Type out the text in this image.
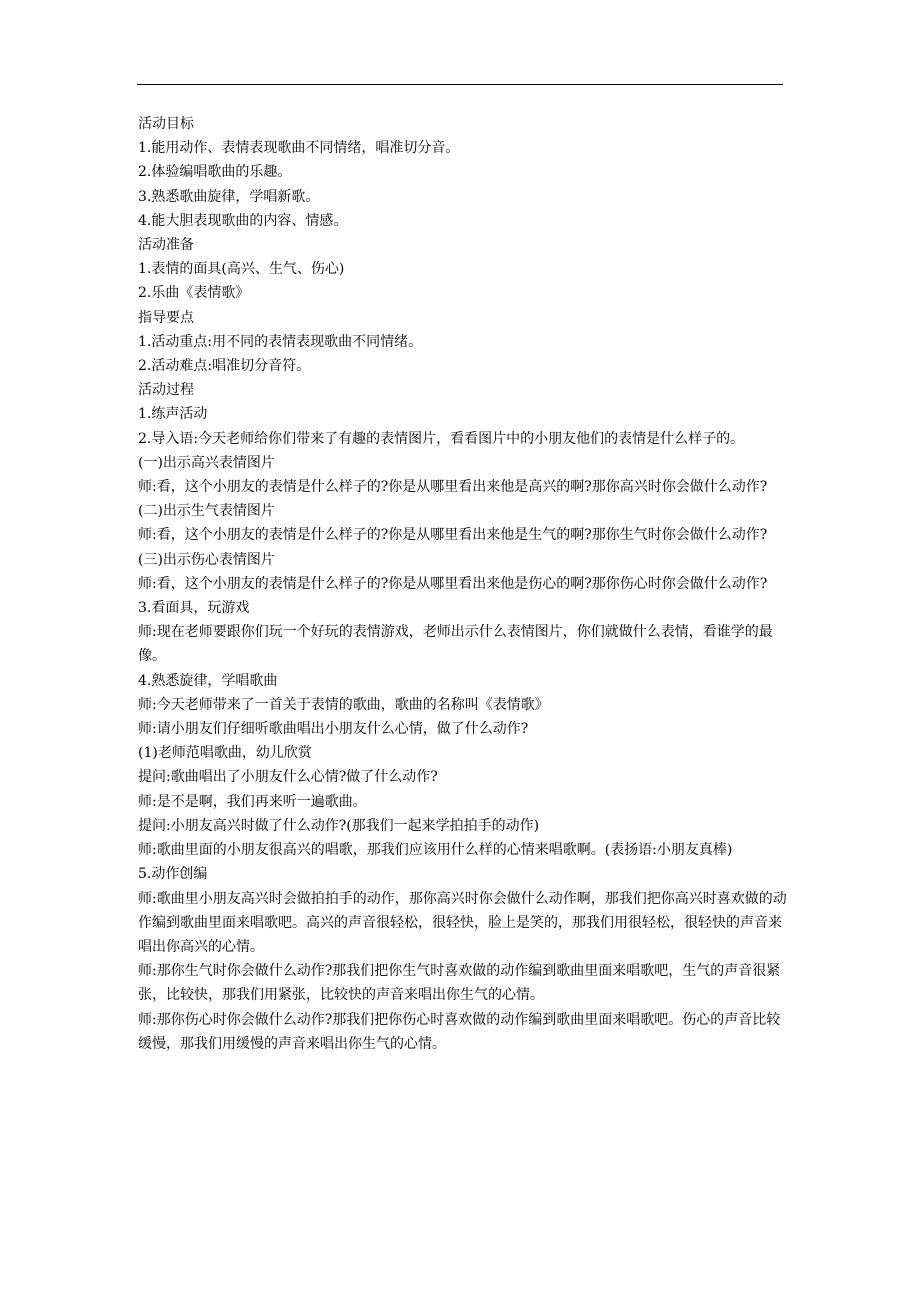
活动目标

1.能用动作、表情表现歌曲不同情绪，唱准切分音。

2.体验编唱歌曲的乐趣。

3.熟悉歌曲旋律，学唱新歌。

4.能大胆表现歌曲的内容、情感。

活动准备

1.表情的面具(高兴、生气、伤心)

2.乐曲《表情歌》

指导要点

1.活动重点:用不同的表情表现歌曲不同情绪。

2.活动难点:唱准切分音符。

活动过程

1.练声活动

2.导入语:今天老师给你们带来了有趣的表情图片，看看图片中的小朋友他们的表情是什么样子的。

(一)出示高兴表情图片

师:看，这个小朋友的表情是什么样子的?你是从哪里看出来他是高兴的啊?那你高兴时你会做什么动作?

(二)出示生气表情图片

师:看，这个小朋友的表情是什么样子的?你是从哪里看出来他是生气的啊?那你生气时你会做什么动作?

(三)出示伤心表情图片

师:看，这个小朋友的表情是什么样子的?你是从哪里看出来他是伤心的啊?那你伤心时你会做什么动作?

3.看面具，玩游戏

师:现在老师要跟你们玩一个好玩的表情游戏，老师出示什么表情图片，你们就做什么表情，看谁学的最像。

4.熟悉旋律，学唱歌曲

师:今天老师带来了一首关于表情的歌曲，歌曲的名称叫《表情歌》

师:请小朋友们仔细听歌曲唱出小朋友什么心情，做了什么动作?

(1)老师范唱歌曲，幼儿欣赏

提问:歌曲唱出了小朋友什么心情?做了什么动作?

师:是不是啊，我们再来听一遍歌曲。

提问:小朋友高兴时做了什么动作?(那我们一起来学拍拍手的动作)

师:歌曲里面的小朋友很高兴的唱歌，那我们应该用什么样的心情来唱歌啊。(表扬语:小朋友真棒)

5.动作创编

师:歌曲里小朋友高兴时会做拍拍手的动作，那你高兴时你会做什么动作啊，那我们把你高兴时喜欢做的动作编到歌曲里面来唱歌吧。高兴的声音很轻松，很轻快，脸上是笑的，那我们用很轻松，很轻快的声音来唱出你高兴的心情。

师:那你生气时你会做什么动作?那我们把你生气时喜欢做的动作编到歌曲里面来唱歌吧，生气的声音很紧张，比较快，那我们用紧张，比较快的声音来唱出你生气的心情。

师:那你伤心时你会做什么动作?那我们把你伤心时喜欢做的动作编到歌曲里面来唱歌吧。伤心的声音比较缓慢，那我们用缓慢的声音来唱出你生气的心情。
